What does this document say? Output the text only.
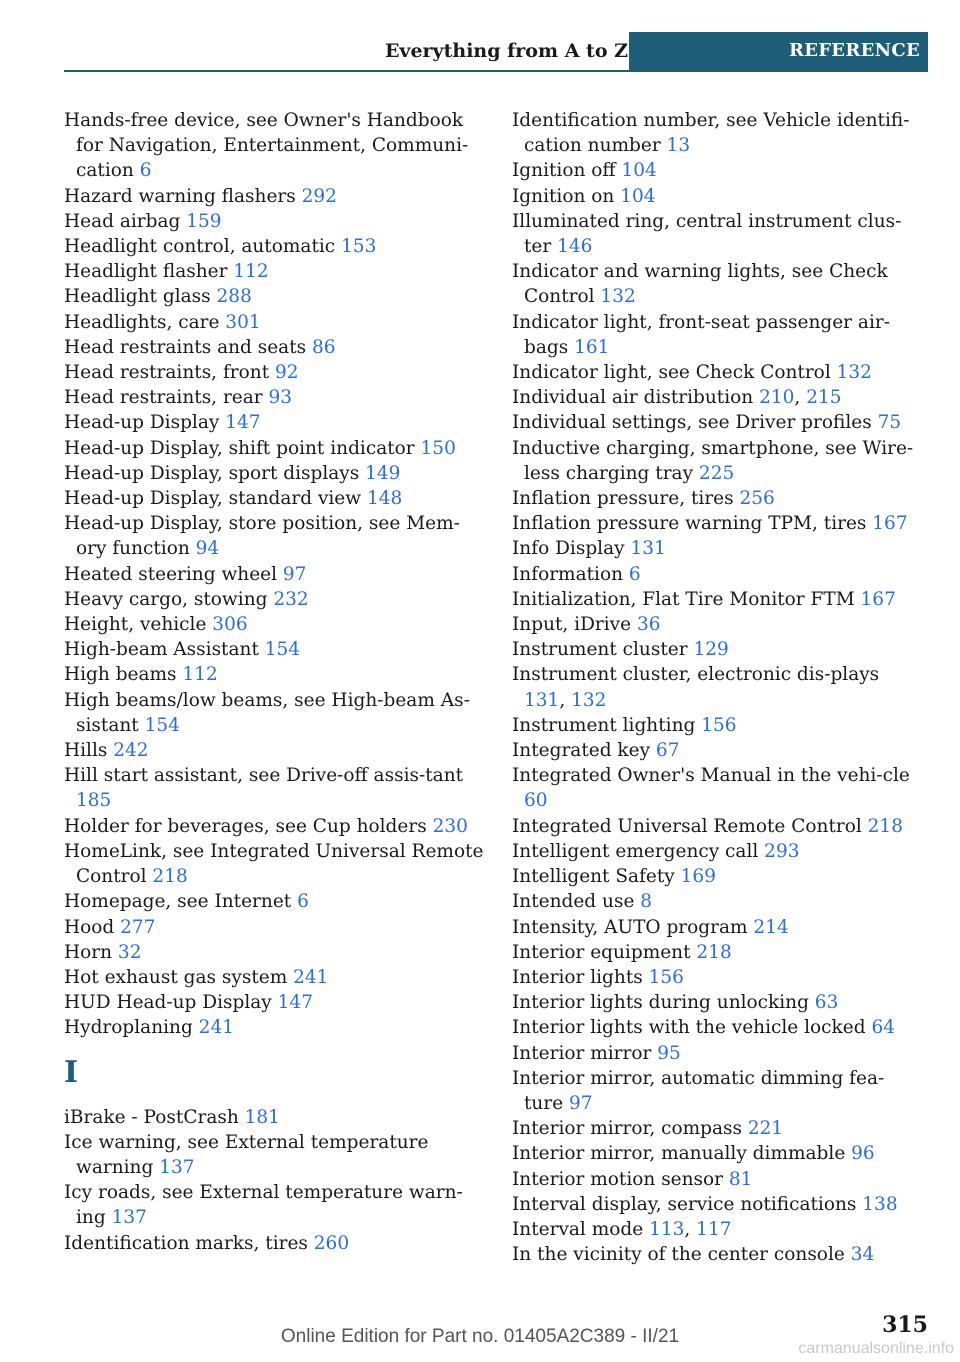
Everything from A to Z	REFERENCE
Hands-free device, see Owner's Handbook for Navigation, Entertainment, Communi-cation 6
Hazard warning flashers 292
Head airbag 159
Headlight control, automatic 153
Headlight flasher 112
Headlight glass 288
Headlights, care 301
Head restraints and seats 86
Head restraints, front 92
Head restraints, rear 93
Head-up Display 147
Head-up Display, shift point indicator 150
Head-up Display, sport displays 149
Head-up Display, standard view 148
Head-up Display, store position, see Mem-ory function 94
Heated steering wheel 97
Heavy cargo, stowing 232
Height, vehicle 306
High-beam Assistant 154
High beams 112
High beams/low beams, see High-beam As-sistant 154
Hills 242
Hill start assistant, see Drive-off assis-tant 185
Holder for beverages, see Cup holders 230
HomeLink, see Integrated Universal Remote Control 218
Homepage, see Internet 6
Hood 277
Horn 32
Hot exhaust gas system 241
HUD Head-up Display 147
Hydroplaning 241
I
iBrake - PostCrash 181
Ice warning, see External temperature warning 137
Icy roads, see External temperature warn-ing 137
Identification marks, tires 260
Identification number, see Vehicle identifi-cation number 13
Ignition off 104
Ignition on 104
Illuminated ring, central instrument clus-ter 146
Indicator and warning lights, see Check Control 132
Indicator light, front-seat passenger air-bags 161
Indicator light, see Check Control 132
Individual air distribution 210, 215
Individual settings, see Driver profiles 75
Inductive charging, smartphone, see Wire-less charging tray 225
Inflation pressure, tires 256
Inflation pressure warning TPM, tires 167
Info Display 131
Information 6
Initialization, Flat Tire Monitor FTM 167
Input, iDrive 36
Instrument cluster 129
Instrument cluster, electronic dis-plays 131, 132
Instrument lighting 156
Integrated key 67
Integrated Owner's Manual in the vehi-cle 60
Integrated Universal Remote Control 218
Intelligent emergency call 293
Intelligent Safety 169
Intended use 8
Intensity, AUTO program 214
Interior equipment 218
Interior lights 156
Interior lights during unlocking 63
Interior lights with the vehicle locked 64
Interior mirror 95
Interior mirror, automatic dimming fea-ture 97
Interior mirror, compass 221
Interior mirror, manually dimmable 96
Interior motion sensor 81
Interval display, service notifications 138
Interval mode 113, 117
In the vicinity of the center console 34
315
Online Edition for Part no. 01405A2C389 - II/21
carmanualsonline.info
